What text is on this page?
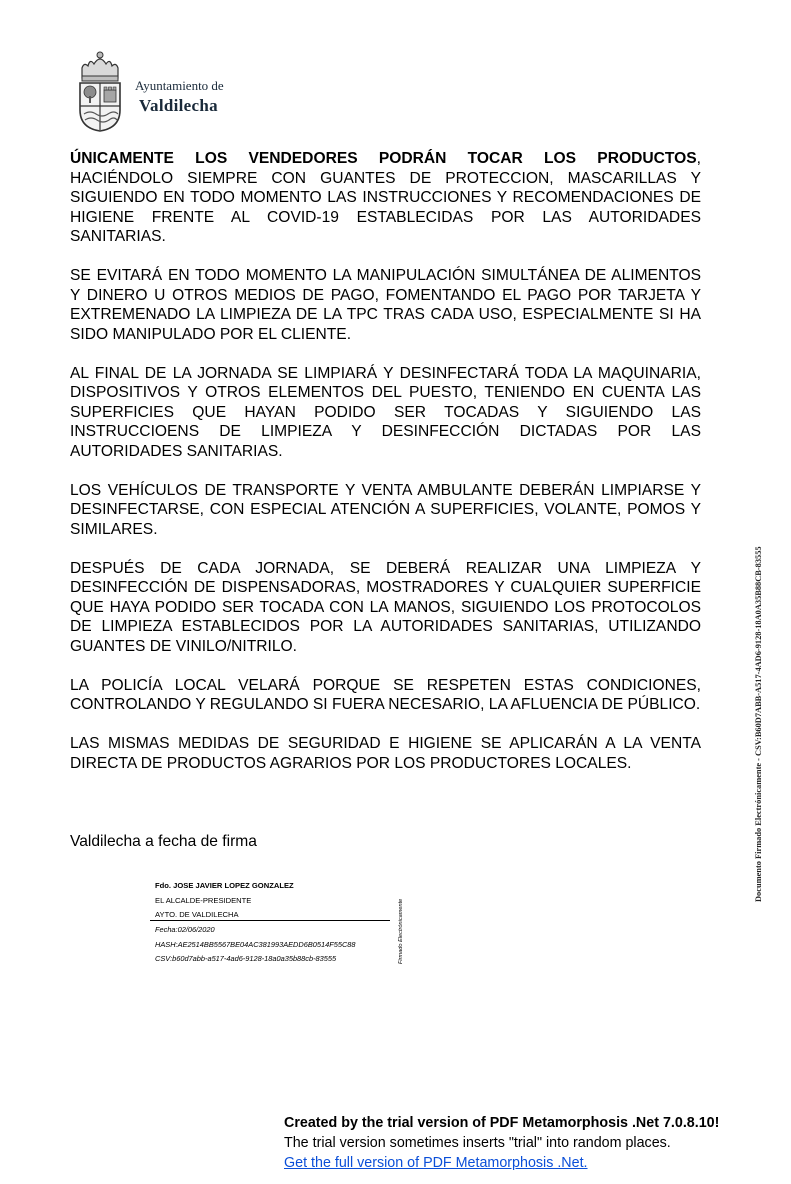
Ayuntamiento de
Valdilecha

ÚNICAMENTE LOS VENDEDORES PODRÁN TOCAR LOS PRODUCTOS, HACIÉNDOLO SIEMPRE CON GUANTES DE PROTECCION, MASCARILLAS Y SIGUIENDO EN TODO MOMENTO LAS INSTRUCCIONES Y RECOMENDACIONES DE HIGIENE FRENTE AL COVID-19 ESTABLECIDAS POR LAS AUTORIDADES SANITARIAS.

SE EVITARÁ EN TODO MOMENTO LA MANIPULACIÓN SIMULTÁNEA DE ALIMENTOS Y DINERO U OTROS MEDIOS DE PAGO, FOMENTANDO EL PAGO POR TARJETA Y EXTREMENADO LA LIMPIEZA DE LA TPC TRAS CADA USO, ESPECIALMENTE SI HA SIDO MANIPULADO POR EL CLIENTE.

AL FINAL DE LA JORNADA SE LIMPIARÁ Y DESINFECTARÁ TODA LA MAQUINARIA, DISPOSITIVOS Y OTROS ELEMENTOS DEL PUESTO, TENIENDO EN CUENTA LAS SUPERFICIES QUE HAYAN PODIDO SER TOCADAS Y SIGUIENDO LAS INSTRUCCIOENS DE LIMPIEZA Y DESINFECCIÓN DICTADAS POR LAS AUTORIDADES SANITARIAS.

LOS VEHÍCULOS DE TRANSPORTE Y VENTA AMBULANTE DEBERÁN LIMPIARSE Y DESINFECTARSE, CON ESPECIAL ATENCIÓN A SUPERFICIES, VOLANTE, POMOS Y SIMILARES.

DESPUÉS DE CADA JORNADA, SE DEBERÁ REALIZAR UNA LIMPIEZA Y DESINFECCIÓN DE DISPENSADORAS, MOSTRADORES Y CUALQUIER SUPERFICIE QUE HAYA PODIDO SER TOCADA CON LA MANOS, SIGUIENDO LOS PROTOCOLOS DE LIMPIEZA ESTABLECIDOS POR LA AUTORIDADES SANITARIAS, UTILIZANDO GUANTES DE VINILO/NITRILO.

LA POLICÍA LOCAL VELARÁ PORQUE SE RESPETEN ESTAS CONDICIONES, CONTROLANDO Y REGULANDO SI FUERA NECESARIO, LA AFLUENCIA DE PÚBLICO.

LAS MISMAS MEDIDAS DE SEGURIDAD E HIGIENE SE APLICARÁN A LA VENTA DIRECTA DE PRODUCTOS AGRARIOS POR LOS PRODUCTORES LOCALES.

Valdilecha a fecha de firma
Fdo. JOSE JAVIER LOPEZ GONZALEZ
EL ALCALDE-PRESIDENTE
AYTO. DE VALDILECHA
Fecha:02/06/2020
HASH:AE2514BB5567BE04AC381993AEDD6B0514F55C88
CSV:b60d7abb-a517-4ad6-9128-18a0a35b88cb-83555	Firmado Electrónicamente
Documento Firmado Electrónicamente - CSV:B60D7ABB-A517-4AD6-9128-18A0A35B88CB-83555
Created by the trial version of PDF Metamorphosis .Net 7.0.8.10!
The trial version sometimes inserts "trial" into random places.
Get the full version of PDF Metamorphosis .Net.
